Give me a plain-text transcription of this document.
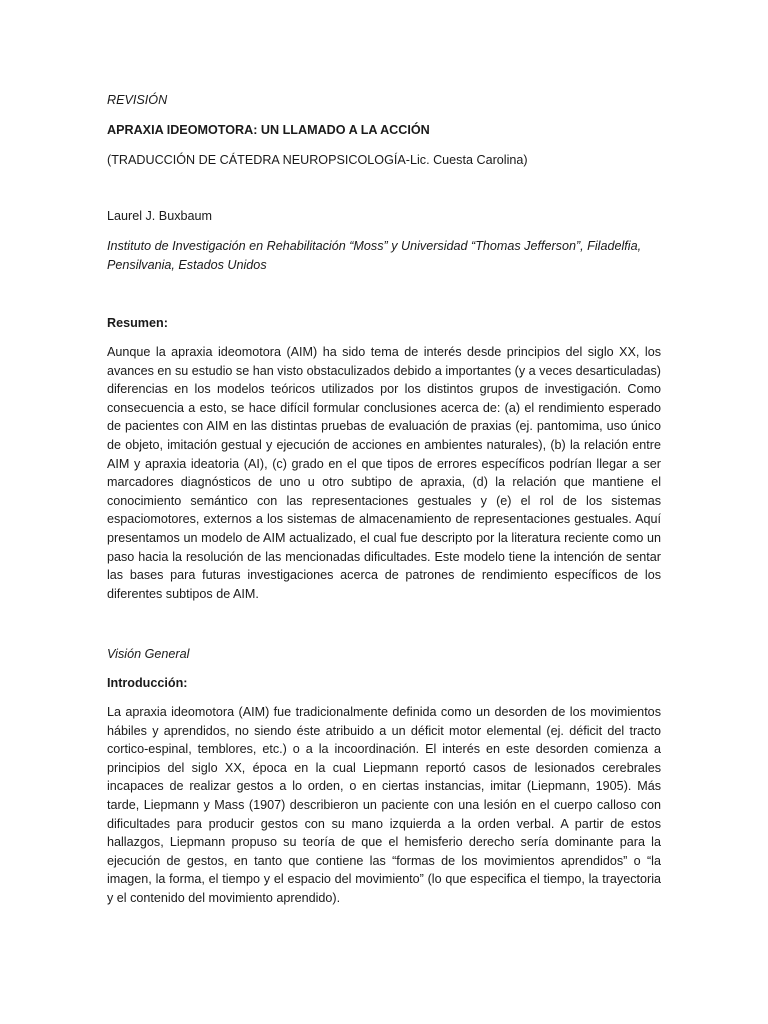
REVISIÓN

APRAXIA IDEOMOTORA: UN LLAMADO A LA ACCIÓN

(TRADUCCIÓN DE CÁTEDRA NEUROPSICOLOGÍA-Lic. Cuesta Carolina)

Laurel J. Buxbaum

Instituto de Investigación en Rehabilitación “Moss” y Universidad “Thomas Jefferson”, Filadelfia, Pensilvania, Estados Unidos

Resumen:

Aunque la apraxia ideomotora (AIM) ha sido tema de interés desde principios del siglo XX, los avances en su estudio se han visto obstaculizados debido a importantes (y a veces desarticuladas) diferencias en los modelos teóricos utilizados por los distintos grupos de investigación. Como consecuencia a esto, se hace difícil formular conclusiones acerca de: (a) el rendimiento esperado de pacientes con AIM en las distintas pruebas de evaluación de praxias (ej. pantomima, uso único de objeto, imitación gestual y ejecución de acciones en ambientes naturales), (b) la relación entre AIM y apraxia ideatoria (AI), (c) grado en el que tipos de errores específicos podrían llegar a ser marcadores diagnósticos de uno u otro subtipo de apraxia, (d) la relación que mantiene el conocimiento semántico con las representaciones gestuales y (e) el rol de los sistemas espaciomotores, externos a los sistemas de almacenamiento de representaciones gestuales. Aquí presentamos un modelo de AIM actualizado, el cual fue descripto por la literatura reciente como un paso hacia la resolución de las mencionadas dificultades. Este modelo tiene la intención de sentar las bases para futuras investigaciones acerca de patrones de rendimiento específicos de los diferentes subtipos de AIM.

Visión General

Introducción:

La apraxia ideomotora (AIM) fue tradicionalmente definida como un desorden de los movimientos hábiles y aprendidos, no siendo éste atribuido a un déficit motor elemental (ej. déficit del tracto cortico-espinal, temblores, etc.) o a la incoordinación. El interés en este desorden comienza a principios del siglo XX, época en la cual Liepmann reportó casos de lesionados cerebrales incapaces de realizar gestos a lo orden, o en ciertas instancias, imitar (Liepmann, 1905). Más tarde, Liepmann y Mass (1907) describieron un paciente con una lesión en el cuerpo calloso con dificultades para producir gestos con su mano izquierda a la orden verbal. A partir de estos hallazgos, Liepmann propuso su teoría de que el hemisferio derecho sería dominante para la ejecución de gestos, en tanto que contiene las “formas de los movimientos aprendidos” o “la imagen, la forma, el tiempo y el espacio del movimiento” (lo que especifica el tiempo, la trayectoria y el contenido del movimiento aprendido).
